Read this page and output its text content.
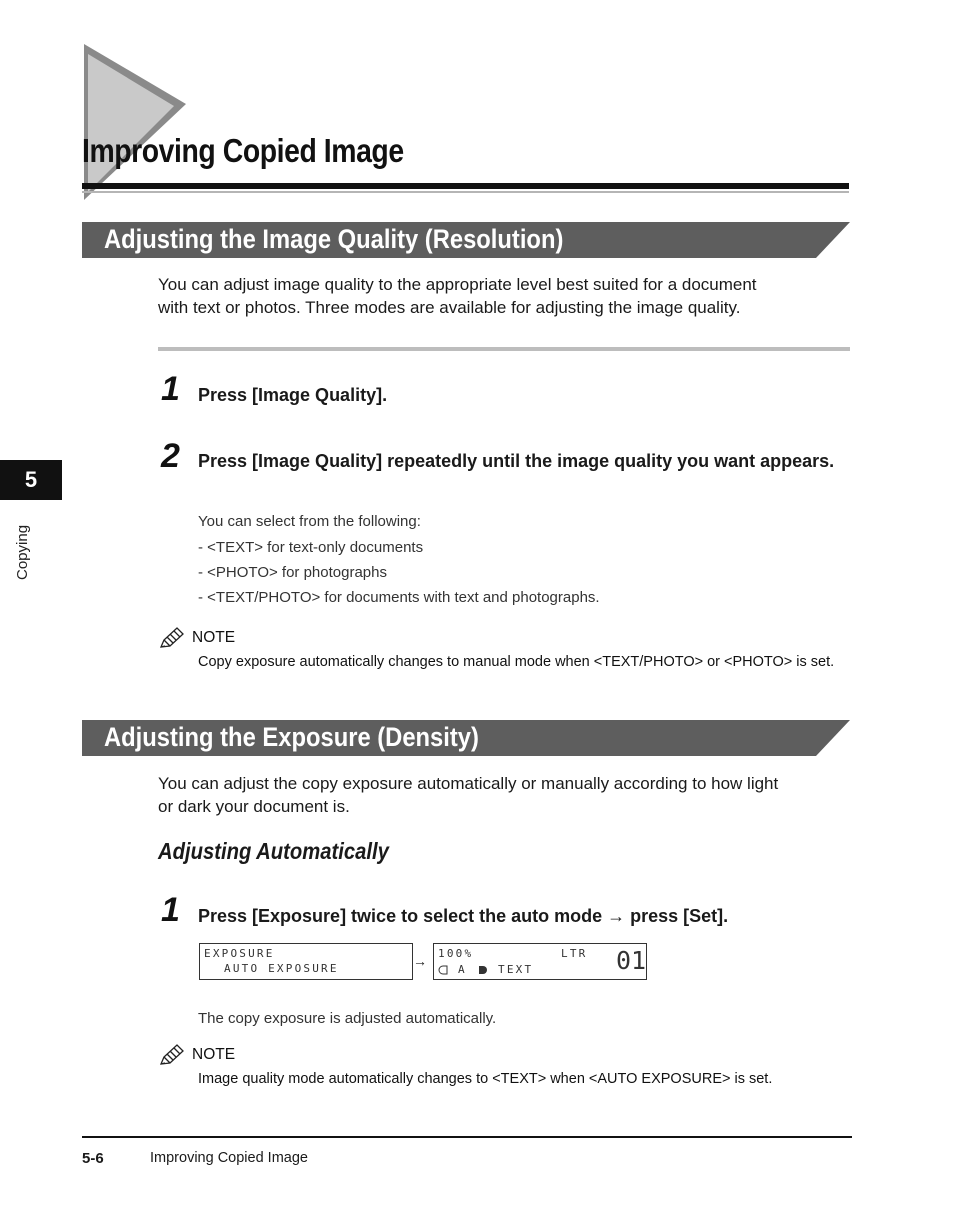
Improving Copied Image
Adjusting the Image Quality (Resolution)

You can adjust image quality to the appropriate level best suited for a document
with text or photos. Three modes are available for adjusting the image quality.

1 Press [Image Quality].

2 Press [Image Quality] repeatedly until the image quality you want appears.

You can select from the following:

- <TEXT> for text-only documents

- <PHOTO> for photographs

- <TEXT/PHOTO> for documents with text and photographs.

NOTE

Copy exposure automatically changes to manual mode when <TEXT/PHOTO> or <PHOTO> is set.

Adjusting the Exposure (Density)

You can adjust the copy exposure automatically or manually according to how light
or dark your document is.

Adjusting Automatically
1 Press [Exposure] twice to select the auto mode → press [Set].

EXPOSURE
AUTO EXPOSURE	→ 100%	LTR
A	TEXT	01

The copy exposure is adjusted automatically.

NOTE

Image quality mode automatically changes to <TEXT> when <AUTO EXPOSURE> is set.

5
Copying
5-6	Improving Copied Image
